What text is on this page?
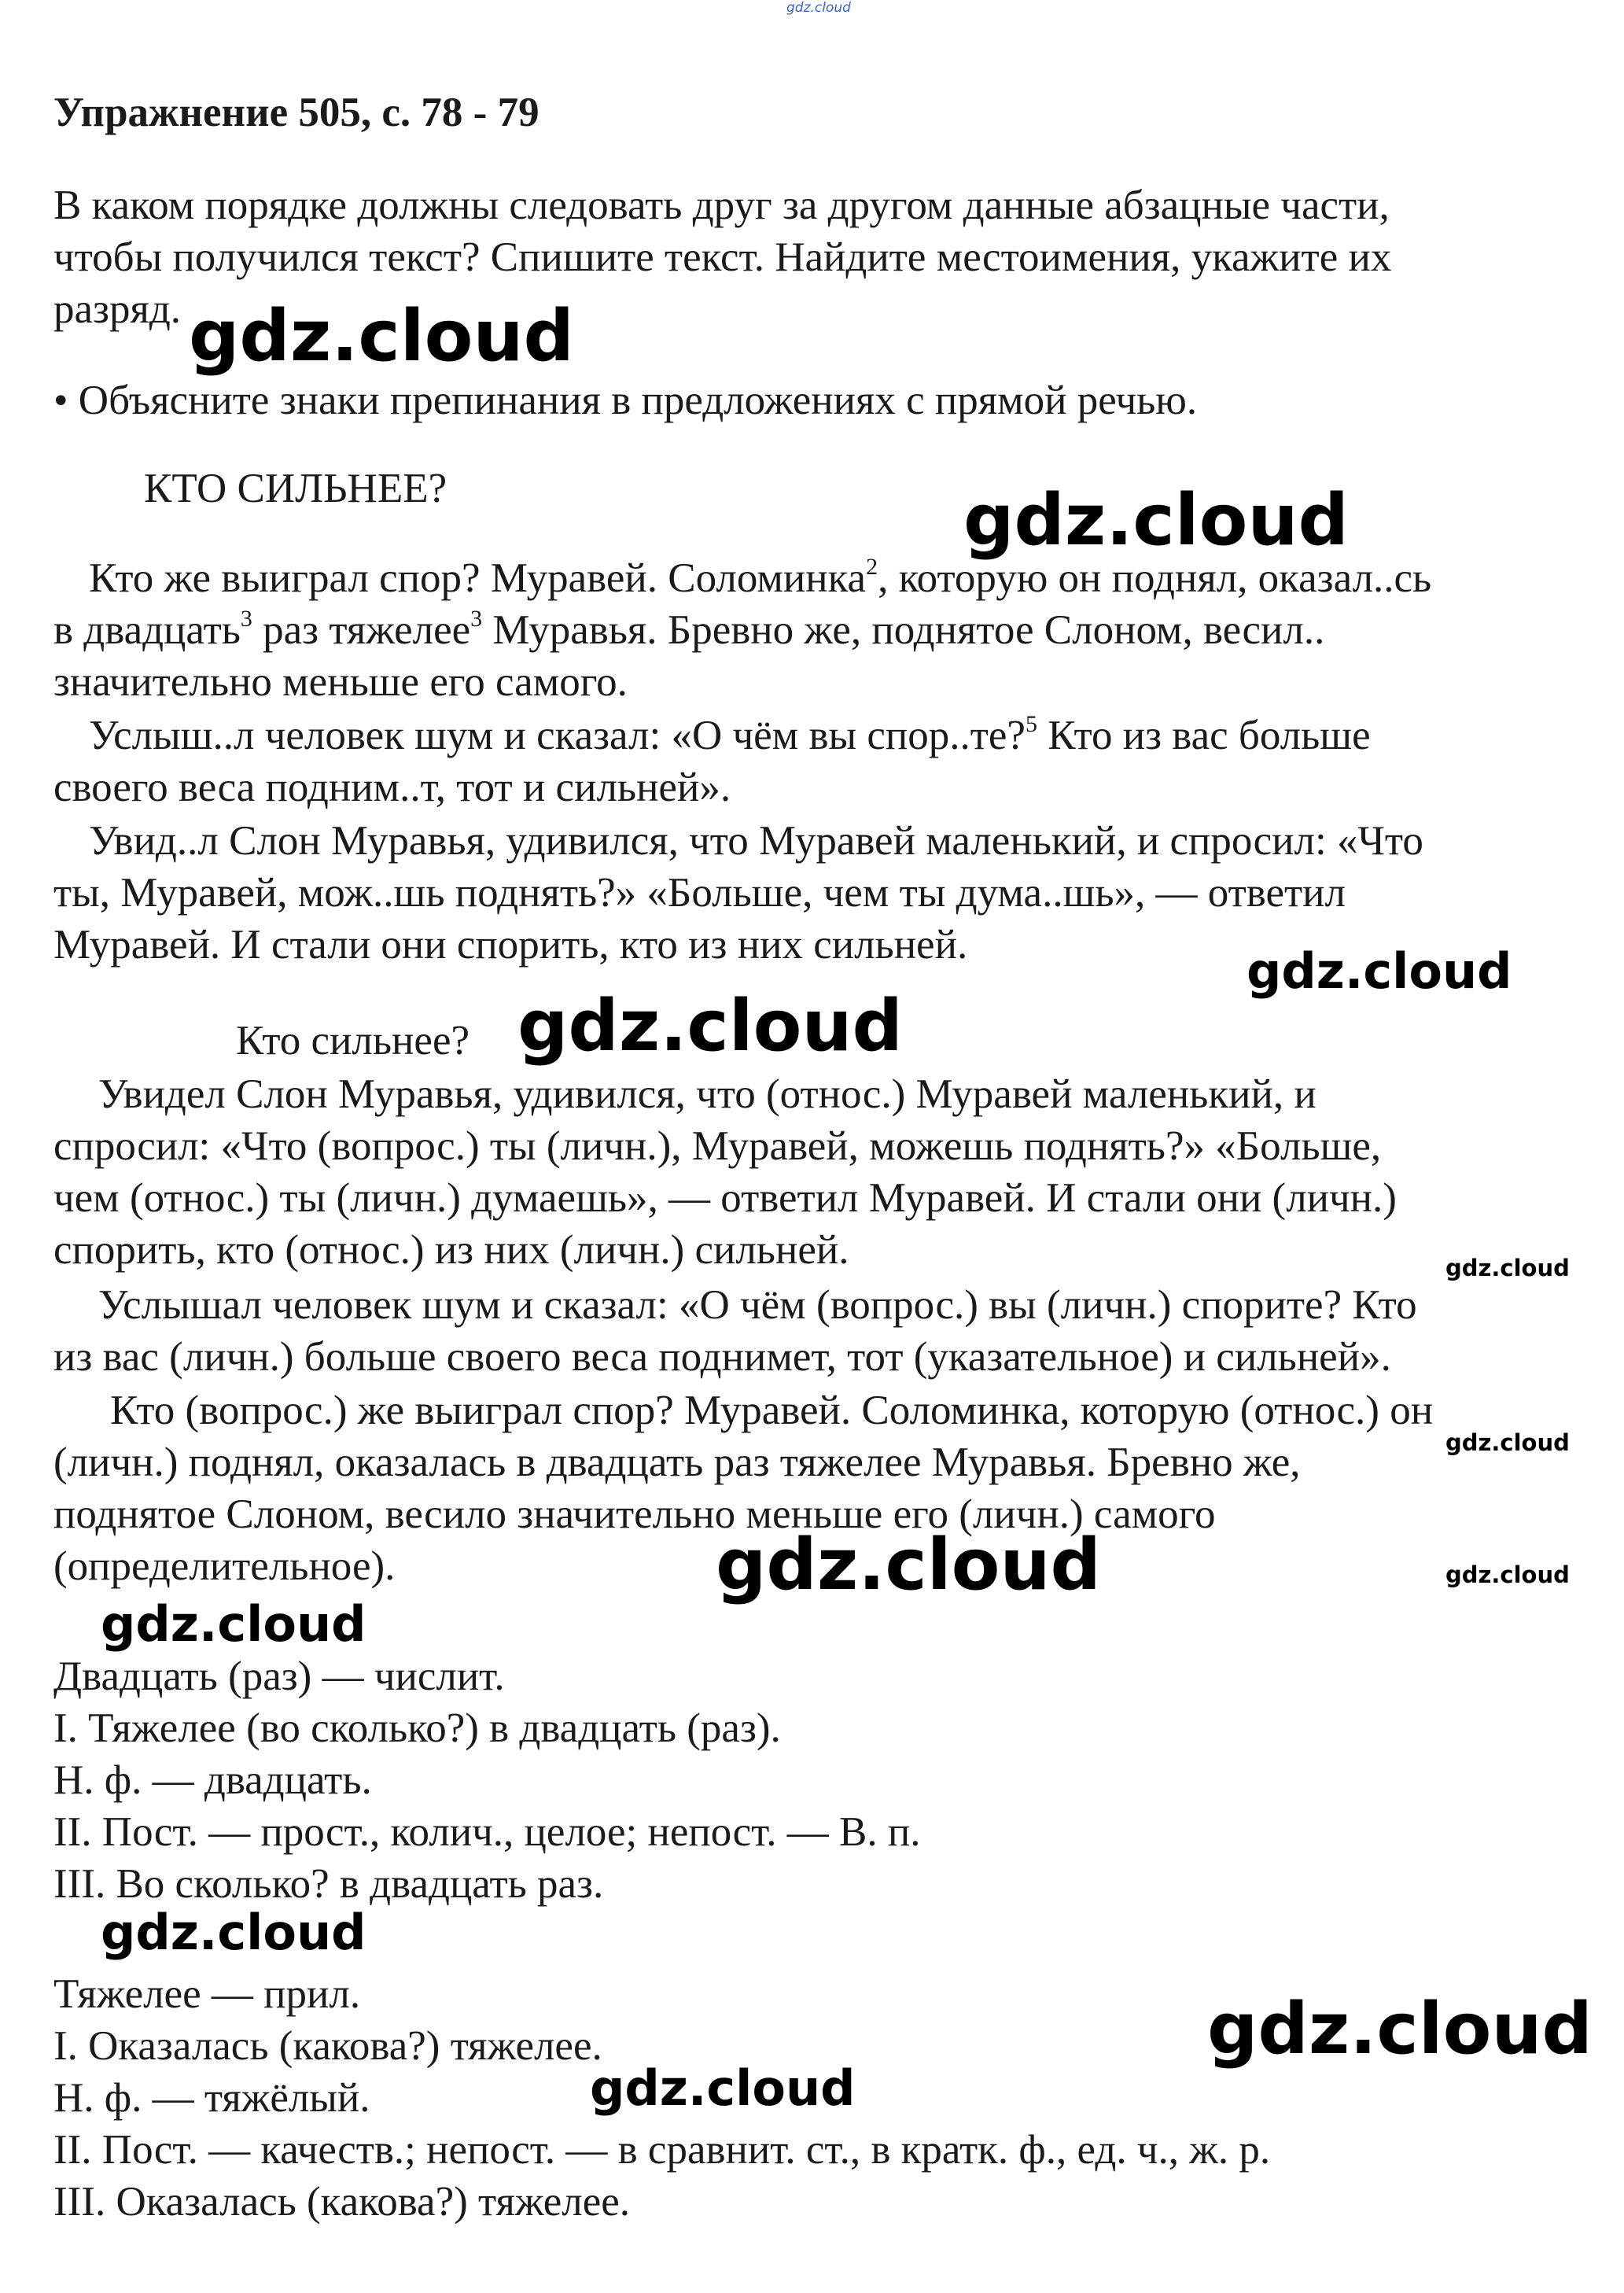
gdz.cloud
Упражнение 505, с. 78 - 79
В каком порядке должны следовать друг за другом данные абзацные части,
чтобы получился текст? Спишите текст. Найдите местоимения, укажите их
разряд.
• Объясните знаки препинания в предложениях с прямой речью.
КТО СИЛЬНЕЕ?
Кто же выиграл спор? Муравей. Соломинка$^2$, которую он поднял, оказал..сь
в двадцать$^3$ раз тяжелее$^3$ Муравья. Бревно же, поднятое Слоном, весил..
значительно меньше его самого.
Услыш..л человек шум и сказал: «О чём вы спор..те?$^5$ Кто из вас больше
своего веса подним..т, тот и сильней».
Увид..л Слон Муравья, удивился, что Муравей маленький, и спросил: «Что
ты, Муравей, мож..шь поднять?» «Больше, чем ты дума..шь», — ответил
Муравей. И стали они спорить, кто из них сильней.
Кто сильнее?
Увидел Слон Муравья, удивился, что (относ.) Муравей маленький, и
спросил: «Что (вопрос.) ты (личн.), Муравей, можешь поднять?» «Больше,
чем (относ.) ты (личн.) думаешь», — ответил Муравей. И стали они (личн.)
спорить, кто (относ.) из них (личн.) сильней.
Услышал человек шум и сказал: «О чём (вопрос.) вы (личн.) спорите? Кто
из вас (личн.) больше своего веса поднимет, тот (указательное) и сильней».
Кто (вопрос.) же выиграл спор? Муравей. Соломинка, которую (относ.) он
(личн.) поднял, оказалась в двадцать раз тяжелее Муравья. Бревно же,
поднятое Слоном, весило значительно меньше его (личн.) самого
(определительное).
Двадцать (раз) — числит.
I. Тяжелее (во сколько?) в двадцать (раз).
Н. ф. — двадцать.
II. Пост. — прост., колич., целое; непост. — В. п.
III. Во сколько? в двадцать раз.
Тяжелее — прил.
I. Оказалась (какова?) тяжелее.
Н. ф. — тяжёлый.
II. Пост. — качеств.; непост. — в сравнит. ст., в кратк. ф., ед. ч., ж. р.
III. Оказалась (какова?) тяжелее.
gdz.cloud
gdz.cloud
gdz.cloud
gdz.cloud
gdz.cloud
gdz.cloud
gdz.cloud	gdz.cloud
gdz.cloud
gdz.cloud
gdz.cloud
gdz.cloud
